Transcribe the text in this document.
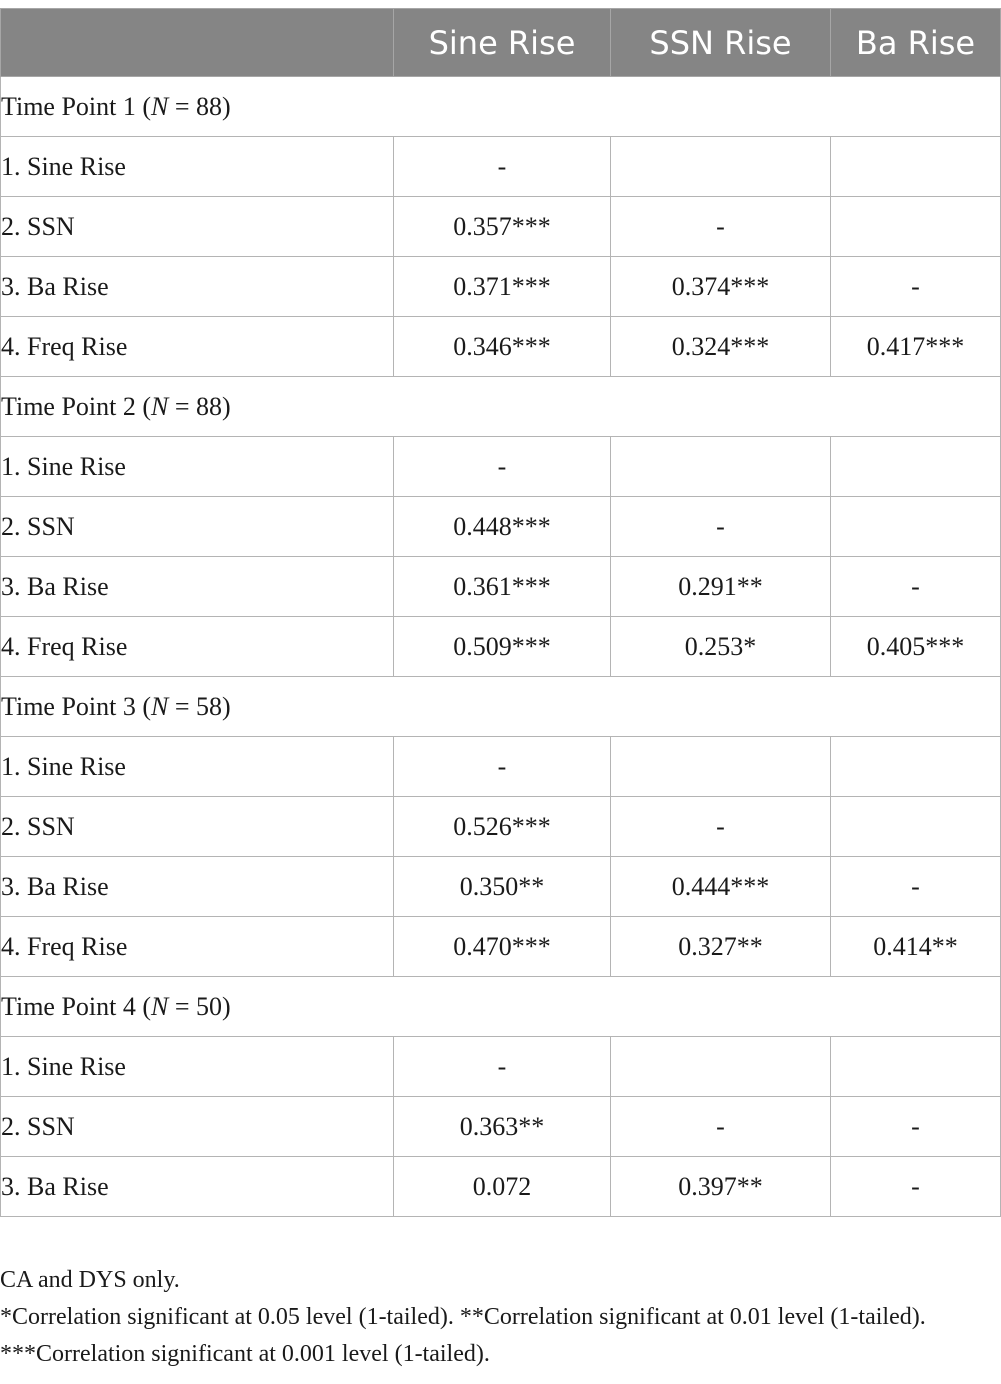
	Sine Rise	SSN Rise	Ba Rise
Time Point 1 (N = 88)			
1. Sine Rise	-		
2. SSN	0.357***	-	
3. Ba Rise	0.371***	0.374***	-
4. Freq Rise	0.346***	0.324***	0.417***
Time Point 2 (N = 88)			
1. Sine Rise	-		
2. SSN	0.448***	-	
3. Ba Rise	0.361***	0.291**	-
4. Freq Rise	0.509***	0.253*	0.405***
Time Point 3 (N = 58)			
1. Sine Rise	-		
2. SSN	0.526***	-	
3. Ba Rise	0.350**	0.444***	-
4. Freq Rise	0.470***	0.327**	0.414**
Time Point 4 (N = 50)			
1. Sine Rise	-		
2. SSN	0.363**	-	-
3. Ba Rise	0.072	0.397**	-

CA and DYS only.

*Correlation significant at 0.05 level (1-tailed). **Correlation significant at 0.01 level (1-tailed). ***Correlation significant at 0.001 level (1-tailed).
